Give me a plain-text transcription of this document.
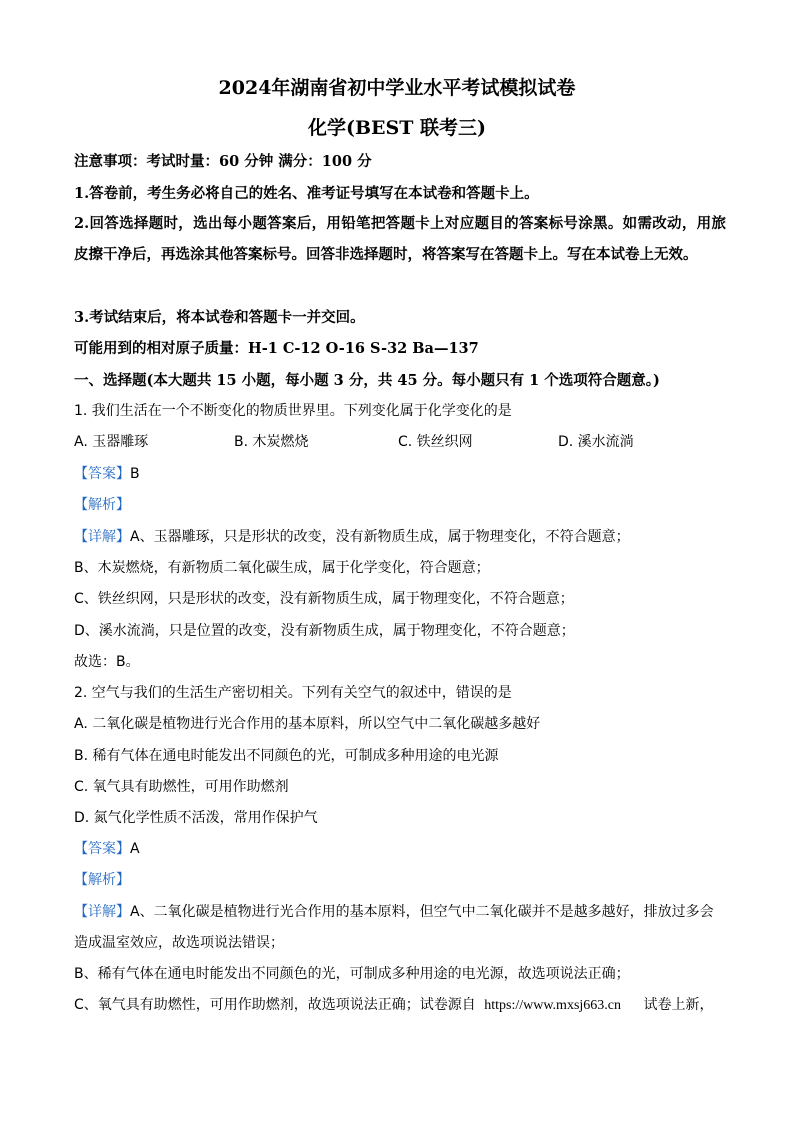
2024年湖南省初中学业水平考试模拟试卷
化学(BEST 联考三)
注意事项：考试时量：60 分钟 满分：100 分
1.答卷前，考生务必将自己的姓名、准考证号填写在本试卷和答题卡上。
2.回答选择题时，选出每小题答案后，用铅笔把答题卡上对应题目的答案标号涂黑。如需改动，用旅皮擦干净后，再选涂其他答案标号。回答非选择题时，将答案写在答题卡上。写在本试卷上无效。
3.考试结束后，将本试卷和答题卡一并交回。
可能用到的相对原子质量：H-1 C-12 O-16 S-32 Ba—137
一、选择题(本大题共 15 小题，每小题 3 分，共 45 分。每小题只有 1 个选项符合题意。)
1. 我们生活在一个不断变化的物质世界里。下列变化属于化学变化的是
A. 玉器雕琢	B. 木炭燃烧	C. 铁丝织网	D. 溪水流淌
【答案】B
【解析】
【详解】A、玉器雕琢，只是形状的改变，没有新物质生成，属于物理变化，不符合题意；
B、木炭燃烧，有新物质二氧化碳生成，属于化学变化，符合题意；
C、铁丝织网，只是形状的改变，没有新物质生成，属于物理变化，不符合题意；
D、溪水流淌，只是位置的改变，没有新物质生成，属于物理变化，不符合题意；
故选：B。
2. 空气与我们的生活生产密切相关。下列有关空气的叙述中，错误的是
A. 二氧化碳是植物进行光合作用的基本原料，所以空气中二氧化碳越多越好
B. 稀有气体在通电时能发出不同颜色的光，可制成多种用途的电光源
C. 氧气具有助燃性，可用作助燃剂
D. 氮气化学性质不活泼，常用作保护气
【答案】A
【解析】
【详解】A、二氧化碳是植物进行光合作用的基本原料，但空气中二氧化碳并不是越多越好，排放过多会
造成温室效应，故选项说法错误；
B、稀有气体在通电时能发出不同颜色的光，可制成多种用途的电光源，故选项说法正确；
C、氧气具有助燃性，可用作助燃剂，故选项说法正确；试卷源自 https://www.mxsj663.cn 试卷上新，
